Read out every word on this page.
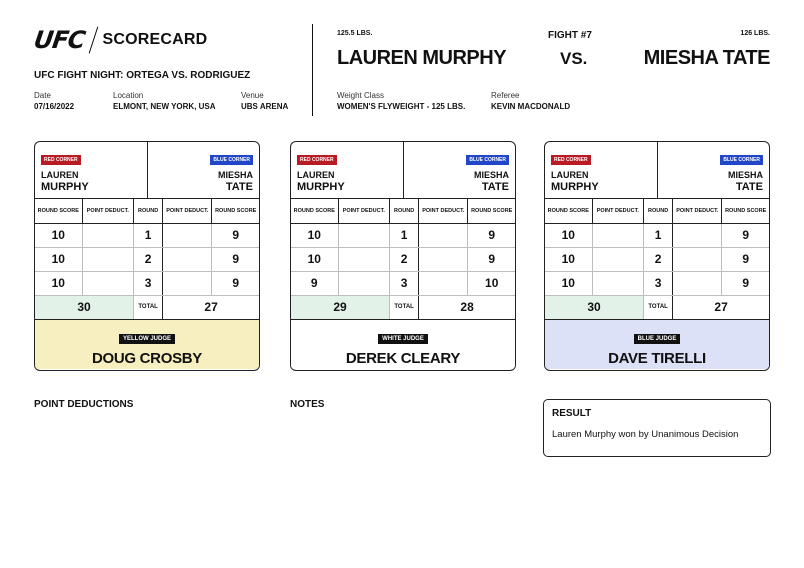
UFC SCORECARD
UFC FIGHT NIGHT: ORTEGA VS. RODRIGUEZ
Date
07/16/2022
Location
ELMONT, NEW YORK, USA
Venue
UBS ARENA
125.5 LBS.
LAUREN MURPHY
FIGHT #7
VS.
126 LBS.
MIESHA TATE
Weight Class
WOMEN'S FLYWEIGHT - 125 LBS.
Referee
KEVIN MACDONALD
RED CORNER
LAUREN
MURPHY
BLUE CORNER
MIESHA
TATE
ROUND SCORE	POINT DEDUCT.	ROUND	POINT DEDUCT.	ROUND SCORE
10		1		9
10		2		9
10		3		9
30		TOTAL	27	
YELLOW JUDGE
DOUG CROSBY
RED CORNER
LAUREN
MURPHY
BLUE CORNER
MIESHA
TATE
ROUND SCORE	POINT DEDUCT.	ROUND	POINT DEDUCT.	ROUND SCORE
10		1		9
10		2		9
9		3		10
29		TOTAL	28	
WHITE JUDGE
DEREK CLEARY
RED CORNER
LAUREN
MURPHY
BLUE CORNER
MIESHA
TATE
ROUND SCORE	POINT DEDUCT.	ROUND	POINT DEDUCT.	ROUND SCORE
10		1		9
10		2		9
10		3		9
30		TOTAL	27	
BLUE JUDGE
DAVE TIRELLI
POINT DEDUCTIONS	NOTES
RESULT
Lauren Murphy won by Unanimous Decision
